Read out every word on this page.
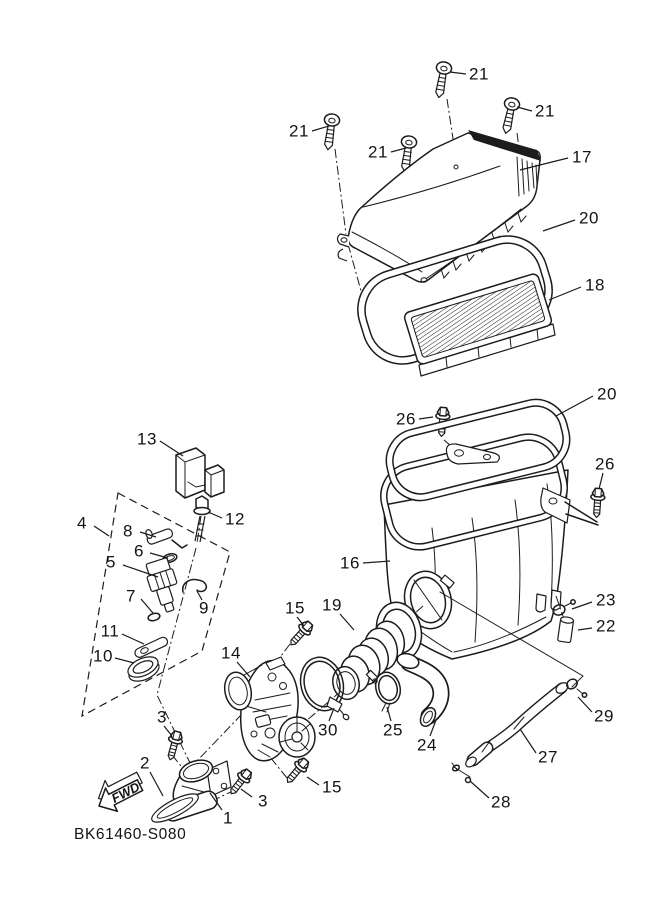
FWD
BK61460-S080
21
21
21
21	17
20
18
20
26
26
13
12
4 8
6
5
7
9
11
10
16
15 19	23
22
14
30	25
24
29
27
28
3
2
3
15
1
